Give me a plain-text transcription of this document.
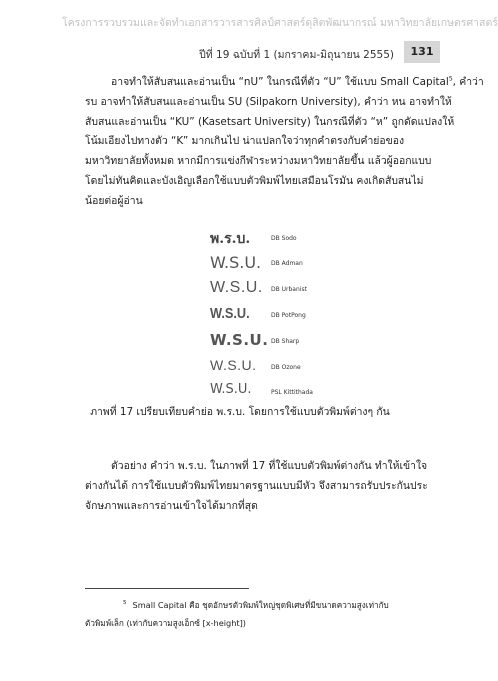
โครงการรวบรวมและจัดทำเอกสารวารสารศิลป์ศาสตร์ดุสิตพัฒนากรณ์ มหาวิทยาลัยเกษตรศาสตร์
ปีที่ 19 ฉบับที่ 1 (มกราคม-มิถุนายน 2555)	131
อาจทำให้สับสนและอ่านเป็น “nU” ในกรณีที่ตัว “U” ใช้แบบ Small Capital$^5$, คำว่า
รบ อาจทำให้สับสนและอ่านเป็น SU (Silpakorn University), คำว่า หน อาจทำให้
สับสนและอ่านเป็น “KU” (Kasetsart University) ในกรณีที่ตัว “ห” ถูกดัดแปลงให้
โน้มเอียงไปทางตัว “K” มากเกินไป น่าแปลกใจว่าทุกคำตรงกับคำย่อของ
มหาวิทยาลัยทั้งหมด หากมีการแข่งกีฬาระหว่างมหาวิทยาลัยขึ้น แล้วผู้ออกแบบ
โดยไม่ทันคิดและบังเอิญเลือกใช้แบบตัวพิมพ์ไทยเสมือนโรมัน คงเกิดสับสนไม่
น้อยต่อผู้อ่าน
พ.ร.บ.	DB Sodo
W.S.U. DB Adman
W.S.U. DB Urbanist
W.S.U.	DB PotPong
W.S.U. DB Sharp
W.S.U. DB Ozone
W.S.U.	PSL Kittithada
ภาพที่ 17 เปรียบเทียบคำย่อ พ.ร.บ. โดยการใช้แบบตัวพิมพ์ต่างๆ กัน
ตัวอย่าง คำว่า พ.ร.บ. ในภาพที่ 17 ที่ใช้แบบตัวพิมพ์ต่างกัน ทำให้เข้าใจ
ต่างกันได้ การใช้แบบตัวพิมพ์ไทยมาตรฐานแบบมีหัว จึงสามารถรับประกันประ
จักษภาพและการอ่านเข้าใจได้มากที่สุด
$^5$ Small Capital คือ ชุดอักษรตัวพิมพ์ใหญ่ชุดพิเศษที่มีขนาดความสูงเท่ากับ
ตัวพิมพ์เล็ก (เท่ากับความสูงเอ็กซ์ [x-height])
